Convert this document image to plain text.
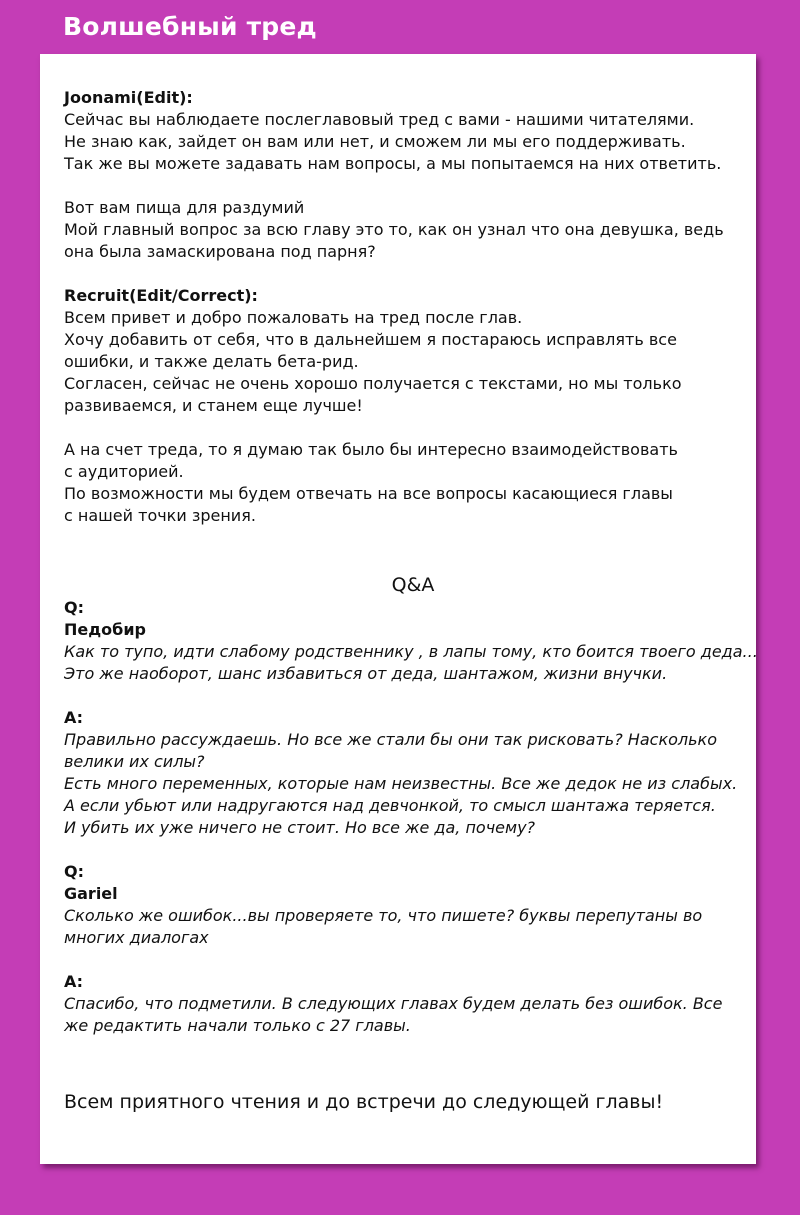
Волшебный тред
Joonami(Edit):
Сейчас вы наблюдаете послеглавовый тред с вами - нашими читателями.
Не знаю как, зайдет он вам или нет, и сможем ли мы его поддерживать.
Так же вы можете задавать нам вопросы, а мы попытаемся на них ответить.
Вот вам пища для раздумий
Мой главный вопрос за всю главу это то, как он узнал что она девушка, ведь
она была замаскирована под парня?
Recruit(Edit/Correct):
Всем привет и добро пожаловать на тред после глав.
Хочу добавить от себя, что в дальнейшем я постараюсь исправлять все
ошибки, и также делать бета-рид.
Согласен, сейчас не очень хорошо получается с текстами, но мы только
развиваемся, и станем еще лучше!
А на счет треда, то я думаю так было бы интересно взаимодействовать
с аудиторией.
По возможности мы будем отвечать на все вопросы касающиеся главы
с нашей точки зрения.
Q&A
Q:
Педобир
Как то тупо, идти слабому родственнику , в лапы тому, кто боится твоего деда...
Это же наоборот, шанс избавиться от деда, шантажом, жизни внучки.
A:
Правильно рассуждаешь. Но все же стали бы они так рисковать? Насколько
велики их силы?
Есть много переменных, которые нам неизвестны. Все же дедок не из слабых.
А если убьют или надругаются над девчонкой, то смысл шантажа теряется.
И убить их уже ничего не стоит. Но все же да, почему?
Q:
Gariel
Сколько же ошибок...вы проверяете то, что пишете? буквы перепутаны во
многих диалогах
A:
Спасибо, что подметили. В следующих главах будем делать без ошибок. Все
же редактить начали только с 27 главы.
Всем приятного чтения и до встречи до следующей главы!
